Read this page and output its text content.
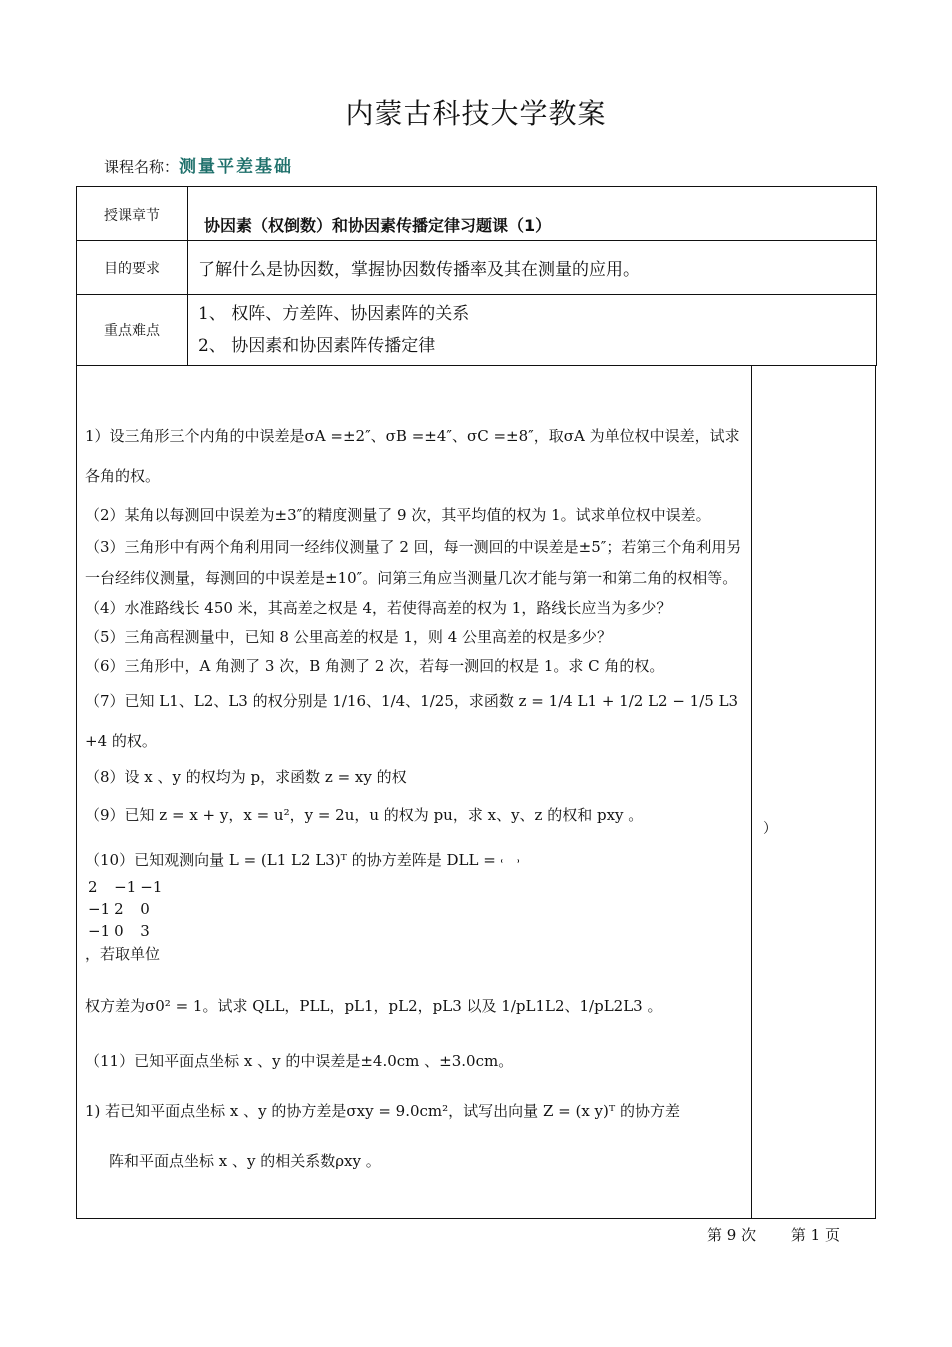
内蒙古科技大学教案
课程名称：测量平差基础
授课章节	协因素（权倒数）和协因素传播定律习题课（1）
目的要求	了解什么是协因数，掌握协因数传播率及其在测量的应用。
重点难点	1、 权阵、方差阵、协因素阵的关系
2、 协因素和协因素阵传播定律
）

1）设三角形三个内角的中误差是σA =±2″、σB =±4″、σC =±8″，取σA 为单位权中误差，试求各角的权。

（2）某角以每测回中误差为±3″的精度测量了 9 次，其平均值的权为 1。试求单位权中误差。

（3）三角形中有两个角利用同一经纬仪测量了 2 回，每一测回的中误差是±5″；若第三个角利用另一台经纬仪测量，每测回的中误差是±10″。问第三角应当测量几次才能与第一和第二角的权相等。

（4）水准路线长 450 米，其高差之权是 4，若使得高差的权为 1，路线长应当为多少？

（5）三角高程测量中，已知 8 公里高差的权是 1，则 4 公里高差的权是多少？

（6）三角形中，A 角测了 3 次，B 角测了 2 次，若每一测回的权是 1。求 C 角的权。

（7）已知 L1、L2、L3 的权分别是 1/16、1/4、1/25，求函数 z = 1/4 L1 + 1/2 L2 − 1/5 L3 +4 的权。

（8）设 x 、y 的权均为 p，求函数 z = xy 的权

（9）已知 z = x + y，x = u²，y = 2u，u 的权为 pu，求 x、y、z 的权和 pxy 。

（10）已知观测向量 L = (L1 L2 L3)ᵀ 的协方差阵是 DLL =

2	−1	−1
−1	2	0
−1	0	3
，若取单位

权方差为σ0² = 1。试求 QLL，PLL，pL1，pL2，pL3 以及 1/pL1L2、1/pL2L3 。

（11）已知平面点坐标 x 、y 的中误差是±4.0cm 、±3.0cm。

1) 若已知平面点坐标 x 、y 的协方差是σxy = 9.0cm²，试写出向量 Z = (x y)ᵀ 的协方差

阵和平面点坐标 x 、y 的相关系数ρxy 。

第 9 次 第 1 页
